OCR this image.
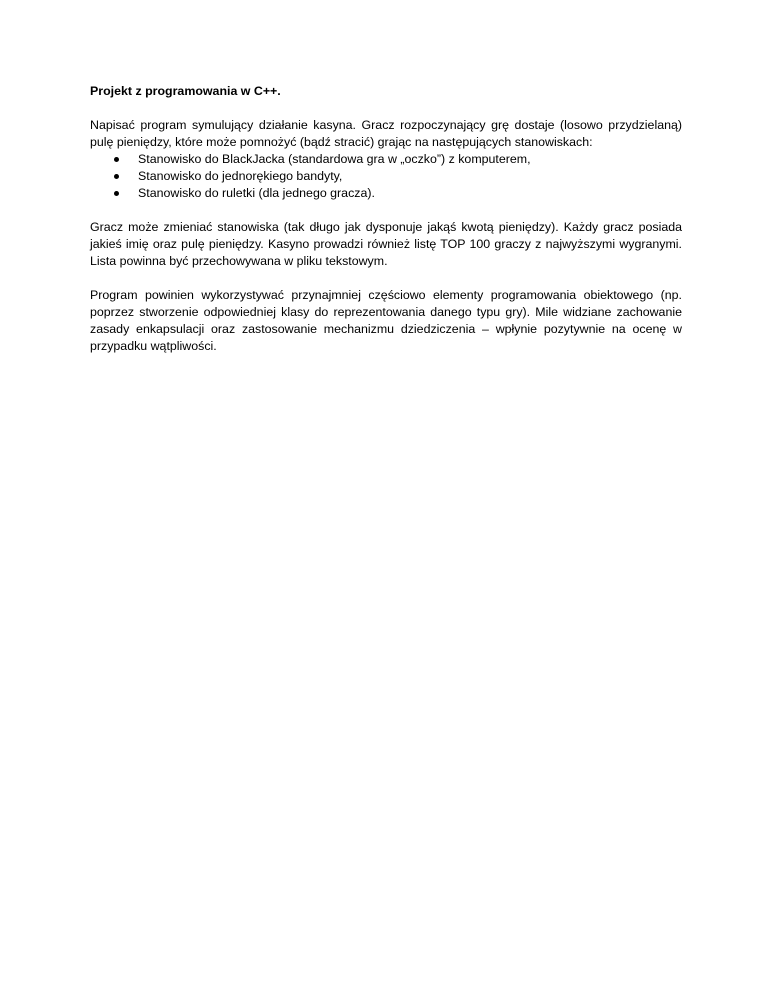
Projekt z programowania w C++.

Napisać program symulujący działanie kasyna. Gracz rozpoczynający grę dostaje (losowo przydzielaną) pulę pieniędzy, które może pomnożyć (bądź stracić) grając na następujących stanowiskach:

Stanowisko do BlackJacka (standardowa gra w „oczko”) z komputerem,
Stanowisko do jednorękiego bandyty,
Stanowisko do ruletki (dla jednego gracza).

Gracz może zmieniać stanowiska (tak długo jak dysponuje jakąś kwotą pieniędzy). Każdy gracz posiada jakieś imię oraz pulę pieniędzy. Kasyno prowadzi również listę TOP 100 graczy z najwyższymi wygranymi. Lista powinna być przechowywana w pliku tekstowym.

Program powinien wykorzystywać przynajmniej częściowo elementy programowania obiektowego (np. poprzez stworzenie odpowiedniej klasy do reprezentowania danego typu gry). Mile widziane zachowanie zasady enkapsulacji oraz zastosowanie mechanizmu dziedziczenia – wpłynie pozytywnie na ocenę w przypadku wątpliwości.
